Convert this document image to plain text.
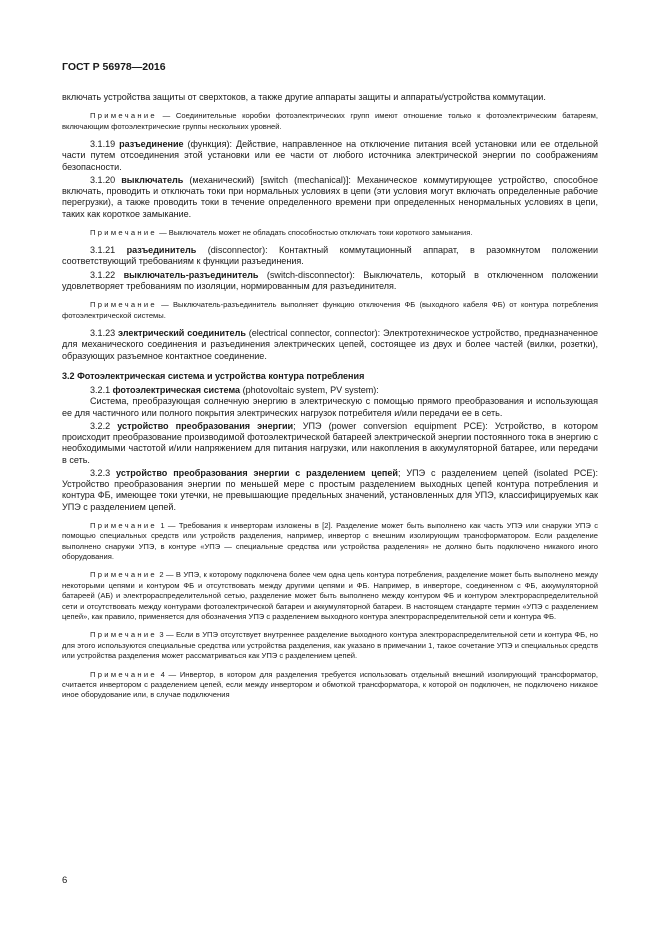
ГОСТ Р 56978—2016

включать устройства защиты от сверхтоков, а также другие аппараты защиты и аппараты/устройства коммутации.

Примечание — Соединительные коробки фотоэлектрических групп имеют отношение только к фотоэлектрическим батареям, включающим фотоэлектрические группы нескольких уровней.

3.1.19 разъединение (функция): Действие, направленное на отключение питания всей установки или ее отдельной части путем отсоединения этой установки или ее части от любого источника электрической энергии по соображениям безопасности.

3.1.20 выключатель (механический) [switch (mechanical)]: Механическое коммутирующее устройство, способное включать, проводить и отключать токи при нормальных условиях в цепи (эти условия могут включать определенные рабочие перегрузки), а также проводить токи в течение определенного времени при определенных ненормальных условиях в цепи, таких как короткое замыкание.

Примечание — Выключатель может не обладать способностью отключать токи короткого замыкания.

3.1.21 разъединитель (disconnector): Контактный коммутационный аппарат, в разомкнутом положении соответствующий требованиям к функции разъединения.

3.1.22 выключатель-разъединитель (switch-disconnector): Выключатель, который в отключенном положении удовлетворяет требованиям по изоляции, нормированным для разъединителя.

Примечание — Выключатель-разъединитель выполняет функцию отключения ФБ (выходного кабеля ФБ) от контура потребления фотоэлектрической системы.

3.1.23 электрический соединитель (electrical connector, connector): Электротехническое устройство, предназначенное для механического соединения и разъединения электрических цепей, состоящее из двух и более частей (вилки, розетки), образующих разъемное контактное соединение.

3.2 Фотоэлектрическая система и устройства контура потребления

3.2.1 фотоэлектрическая система (photovoltaic system, PV system):

Система, преобразующая солнечную энергию в электрическую с помощью прямого преобразования и использующая ее для частичного или полного покрытия электрических нагрузок потребителя и/или передачи ее в сеть.

3.2.2 устройство преобразования энергии; УПЭ (power conversion equipment PCE): Устройство, в котором происходит преобразование производимой фотоэлектрической батареей электрической энергии постоянного тока в энергию с необходимыми частотой и/или напряжением для питания нагрузки, или накопления в аккумуляторной батарее, или передачи в сеть.

3.2.3 устройство преобразования энергии с разделением цепей; УПЭ с разделением цепей (isolated PCE): Устройство преобразования энергии по меньшей мере с простым разделением выходных цепей контура потребления и контура ФБ, имеющее токи утечки, не превышающие предельных значений, установленных для УПЭ, классифицируемых как УПЭ с разделением цепей.

Примечание 1 — Требования к инверторам изложены в [2]. Разделение может быть выполнено как часть УПЭ или снаружи УПЭ с помощью специальных средств или устройств разделения, например, инвертор с внешним изолирующим трансформатором. Если разделение выполнено снаружи УПЭ, в контуре «УПЭ — специальные средства или устройства разделения» не должно быть подключено никакого иного оборудования.
Примечание 2 — В УПЭ, к которому подключена более чем одна цепь контура потребления, разделение может быть выполнено между некоторыми цепями и контуром ФБ и отсутствовать между другими цепями и ФБ. Например, в инверторе, соединенном с ФБ, аккумуляторной батареей (АБ) и электрораспределительной сетью, разделение может быть выполнено между контуром ФБ и контуром электрораспределительной сети и отсутствовать между контурами фотоэлектрической батареи и аккумуляторной батареи. В настоящем стандарте термин «УПЭ с разделением цепей», как правило, применяется для обозначения УПЭ с разделением выходного контура электрораспределительной сети и контура ФБ.
Примечание 3 — Если в УПЭ отсутствует внутреннее разделение выходного контура электрораспределительной сети и контура ФБ, но для этого используются специальные средства или устройства разделения, как указано в примечании 1, такое сочетание УПЭ и специальных средств или устройства разделения может рассматриваться как УПЭ с разделением цепей.
Примечание 4 — Инвертор, в котором для разделения требуется использовать отдельный внешний изолирующий трансформатор, считается инвертором с разделением цепей, если между инвертором и обмоткой трансформатора, к которой он подключен, не подключено никакое иное оборудование или, в случае подключения
6
